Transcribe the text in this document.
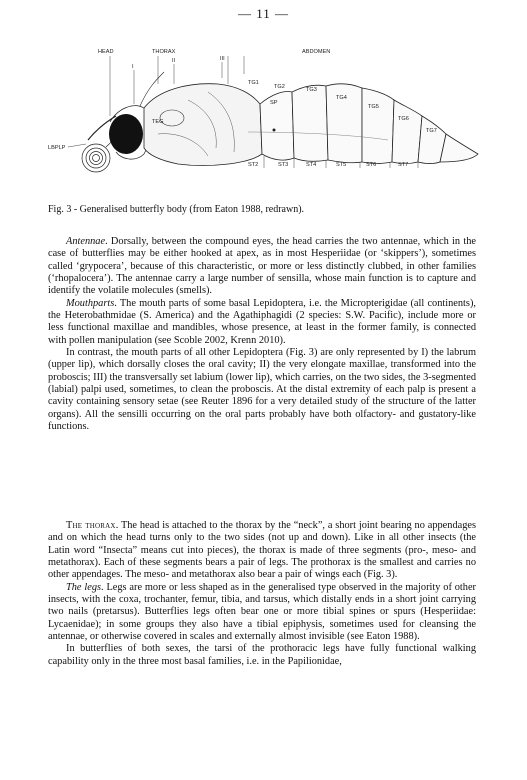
— 11 —
HEAD	THORAX	ABDOMEN
I
II	III
LBPLP
TEG
SP
TG1
TG2	TG3
TG4
TG5
TG6
TG7
ST2	ST3	ST4	ST5	ST6	ST7
Fig. 3 - Generalised butterfly body (from Eaton 1988, redrawn).

Antennae. Dorsally, between the compound eyes, the head carries the two antennae, which in the case of butterflies may be either hooked at apex, as in most Hesperiidae (or ‘skippers’), sometimes called ‘grypocera’, because of this characteristic, or more or less distinctly clubbed, in other families (‘rhopalocera’). The antennae carry a large number of sensilla, whose main function is to capture and identify the volatile molecules (smells).

Mouthparts. The mouth parts of some basal Lepidoptera, i.e. the Micropterigidae (all continents), the Heterobathmidae (S. America) and the Agathiphagidi (2 species: S.W. Pacific), include more or less functional maxillae and mandibles, whose presence, at least in the former family, is connected with pollen manipulation (see Scoble 2002, Krenn 2010).

In contrast, the mouth parts of all other Lepidoptera (Fig. 3) are only represented by I) the labrum (upper lip), which dorsally closes the oral cavity; II) the very elongate maxillae, transformed into the proboscis; III) the transversally set labium (lower lip), which carries, on the two sides, the 3-segmented (labial) palpi used, sometimes, to clean the proboscis. At the distal extremity of each palp is present a cavity containing sensory setae (see Reuter 1896 for a very detailed study of the structure of the latter organs). All the sensilli occurring on the oral parts probably have both olfactory- and gustatory-like functions.

The thorax. The head is attached to the thorax by the “neck”, a short joint bearing no appendages and on which the head turns only to the two sides (not up and down). Like in all other insects (the Latin word “Insecta” means cut into pieces), the thorax is made of three segments (pro-, meso- and metathorax). Each of these segments bears a pair of legs. The prothorax is the smallest and carries no other appendages. The meso- and metathorax also bear a pair of wings each (Fig. 3).

The legs. Legs are more or less shaped as in the generalised type observed in the majority of other insects, with the coxa, trochanter, femur, tibia, and tarsus, which distally ends in a short joint carrying two nails (pretarsus). Butterflies legs often bear one or more tibial spines or spurs (Hesperiidae: Lycaenidae); in some groups they also have a tibial epiphysis, sometimes used for cleansing the antennae, or otherwise covered in scales and externally almost invisible (see Eaton 1988).

In butterflies of both sexes, the tarsi of the prothoracic legs have fully functional walking capability only in the three most basal families, i.e. in the Papilionidae,
